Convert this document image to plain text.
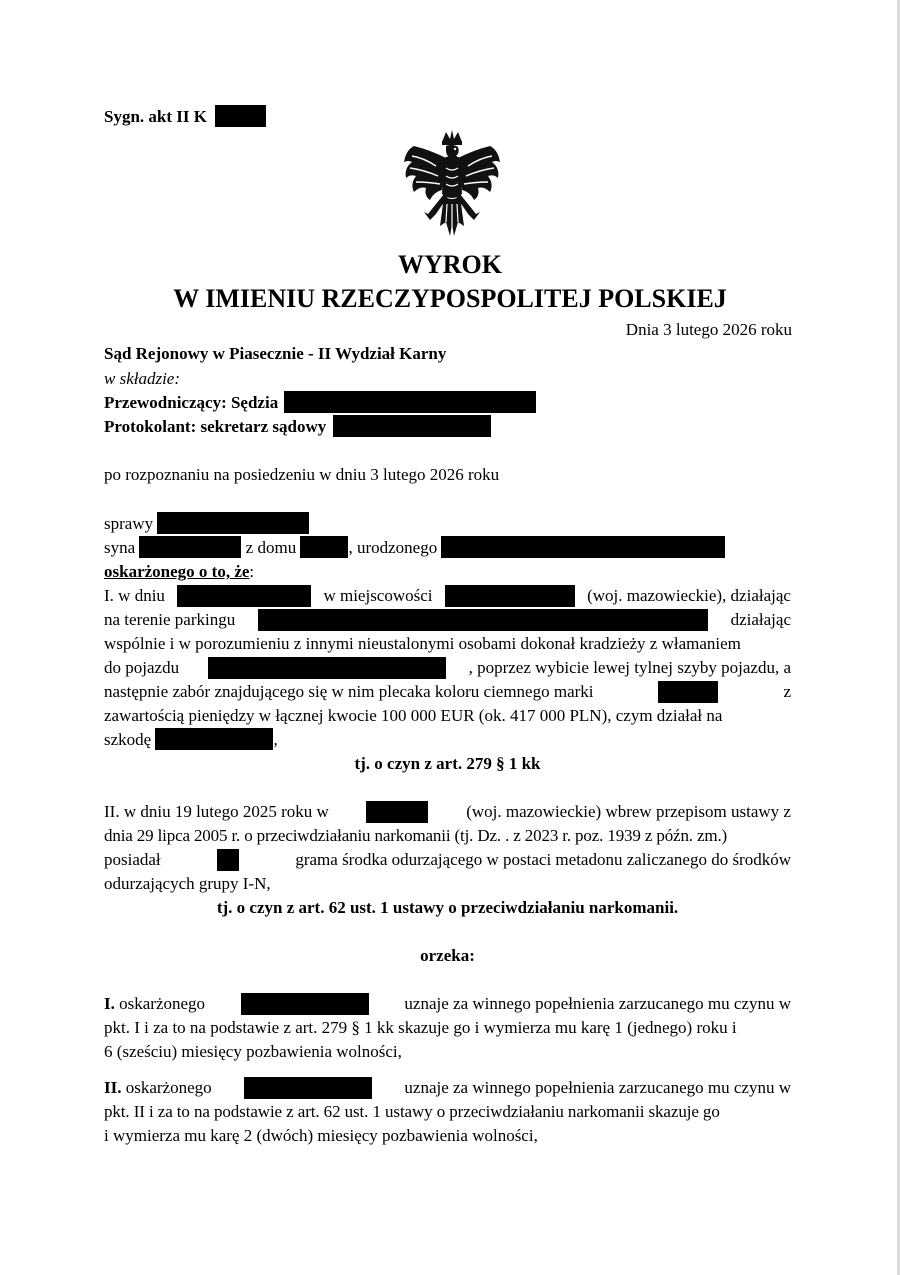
Sygn. akt II K
WYROK
W IMIENIU RZECZYPOSPOLITEJ POLSKIEJ
Dnia 3 lutego 2026 roku
Sąd Rejonowy w Piasecznie - II Wydział Karny
w składzie:
Przewodniczący: Sędzia
Protokolant: sekretarz sądowy
po rozpoznaniu na posiedzeniu w dniu 3 lutego 2026 roku
sprawy
syna	z domu	, urodzonego
oskarżonego o to, że:
I. w dniu	w miejscowości	(woj. mazowieckie), działając
na terenie parkingu	działając
wspólnie i w porozumieniu z innymi nieustalonymi osobami dokonał kradzieży z włamaniem
do pojazdu	, poprzez wybicie lewej tylnej szyby pojazdu, a
następnie zabór znajdującego się w nim plecaka koloru ciemnego marki	z
zawartością pieniędzy w łącznej kwocie 100 000 EUR (ok. 417 000 PLN), czym działał na
szkodę	,
tj. o czyn z art. 279 § 1 kk
II. w dniu 19 lutego 2025 roku w	(woj. mazowieckie) wbrew przepisom ustawy z
dnia 29 lipca 2005 r. o przeciwdziałaniu narkomanii (tj. Dz. . z 2023 r. poz. 1939 z późn. zm.)
posiadał	grama środka odurzającego w postaci metadonu zaliczanego do środków
odurzających grupy I-N,
tj. o czyn z art. 62 ust. 1 ustawy o przeciwdziałaniu narkomanii.
orzeka:
I. oskarżonego	uznaje za winnego popełnienia zarzucanego mu czynu w
pkt. I i za to na podstawie z art. 279 § 1 kk skazuje go i wymierza mu karę 1 (jednego) roku i
6 (sześciu) miesięcy pozbawienia wolności,
II. oskarżonego	uznaje za winnego popełnienia zarzucanego mu czynu w
pkt. II i za to na podstawie z art. 62 ust. 1 ustawy o przeciwdziałaniu narkomanii skazuje go
i wymierza mu karę 2 (dwóch) miesięcy pozbawienia wolności,
